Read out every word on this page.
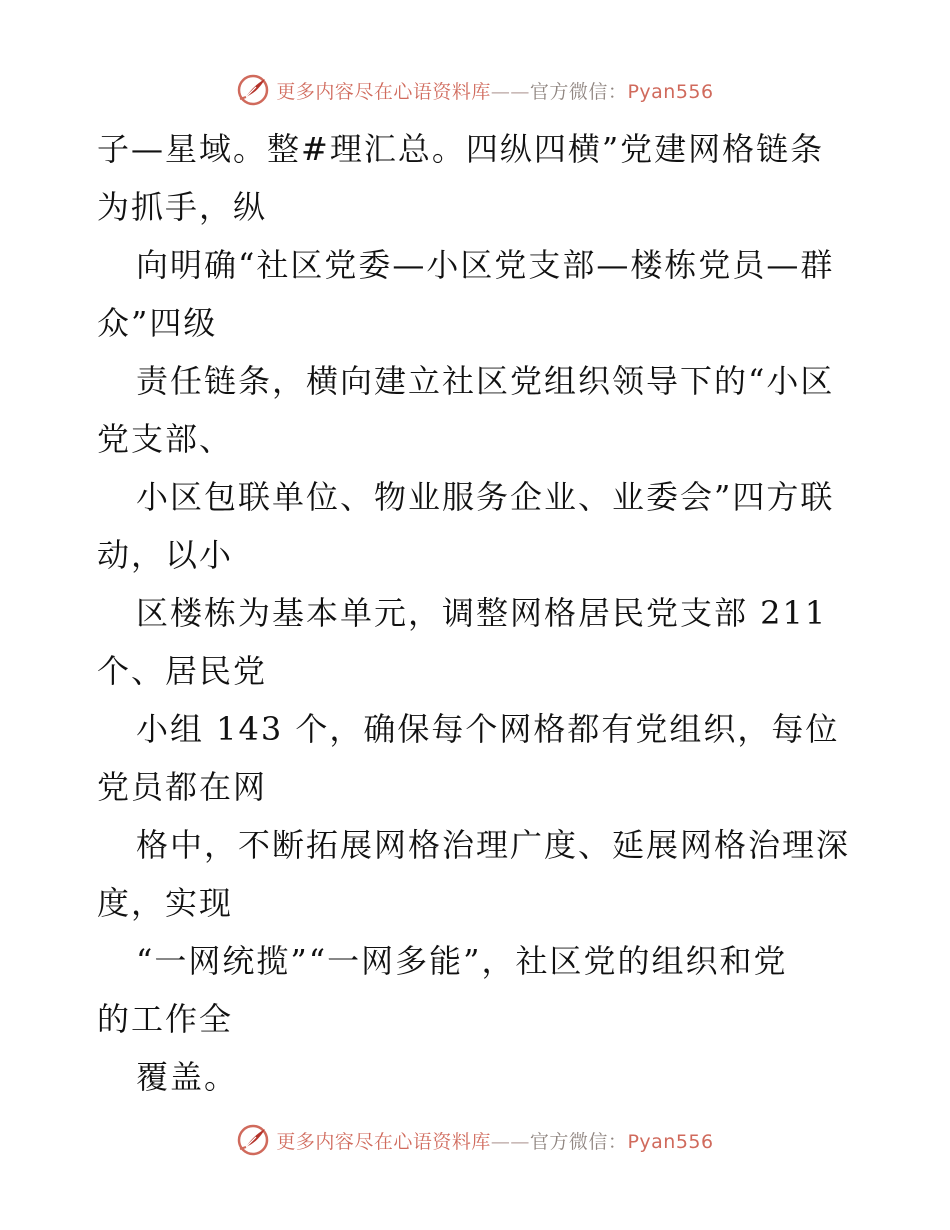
更多内容尽在心语资料库——官方微信：Pyan556
子—星域。整#理汇总。四纵四横”党建网格链条
为抓手，纵
向明确“社区党委—小区党支部—楼栋党员—群
众”四级
责任链条，横向建立社区党组织领导下的“小区
党支部、
小区包联单位、物业服务企业、业委会”四方联
动，以小
区楼栋为基本单元，调整网格居民党支部 211
个、居民党
小组 143 个，确保每个网格都有党组织，每位
党员都在网
格中，不断拓展网格治理广度、延展网格治理深
度，实现
“一网统揽”“一网多能”，社区党的组织和党
的工作全
覆盖。
更多内容尽在心语资料库——官方微信：Pyan556
